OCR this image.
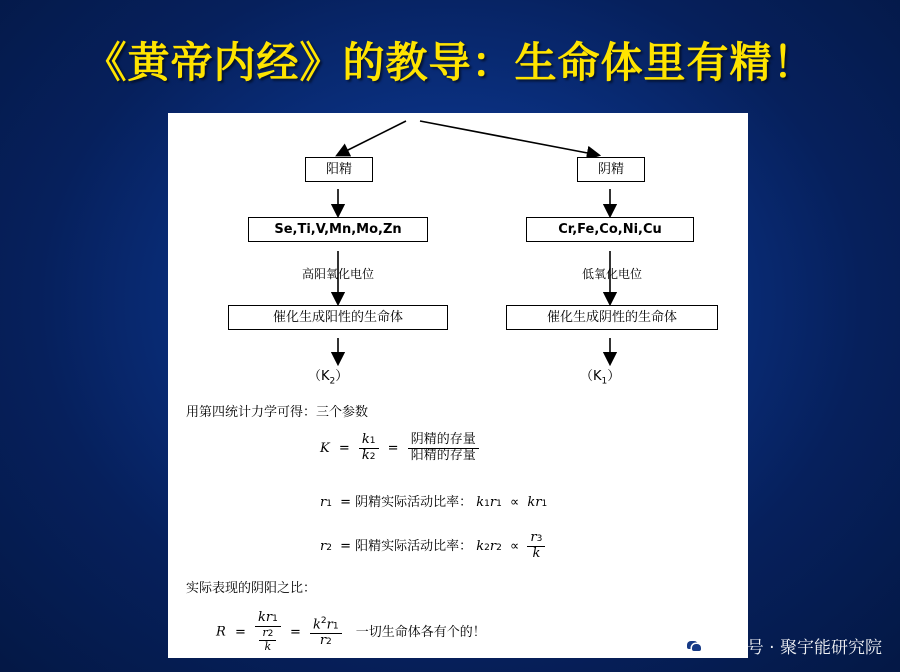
《黄帝内经》的教导：生命体里有精！
阳精	阴精
Se,Ti,V,Mn,Mo,Zn	Cr,Fe,Co,Ni,Cu
高阳氧化电位	低氧化电位
催化生成阳性的生命体	催化生成阴性的生命体
$(K_2)$	$(K_1)$
用第四统计力学可得：三个参数
$K = \frac{k1}{k2} = \frac{\text{阴精的存量}}{\text{阳精的存量}}$
r1 = 阴精实际活动比率： k1r1 ∝ kr1
r2 = 阳精实际活动比率： $k2r2 \propto \frac{r3}{k}$
实际表现的阴阳之比：
$R = \frac{kr1}{\frac{r2}{k}} = \frac{k^2r1}{r2}$ 一切生命体各有个的！
公众号 · 聚宇能研究院
